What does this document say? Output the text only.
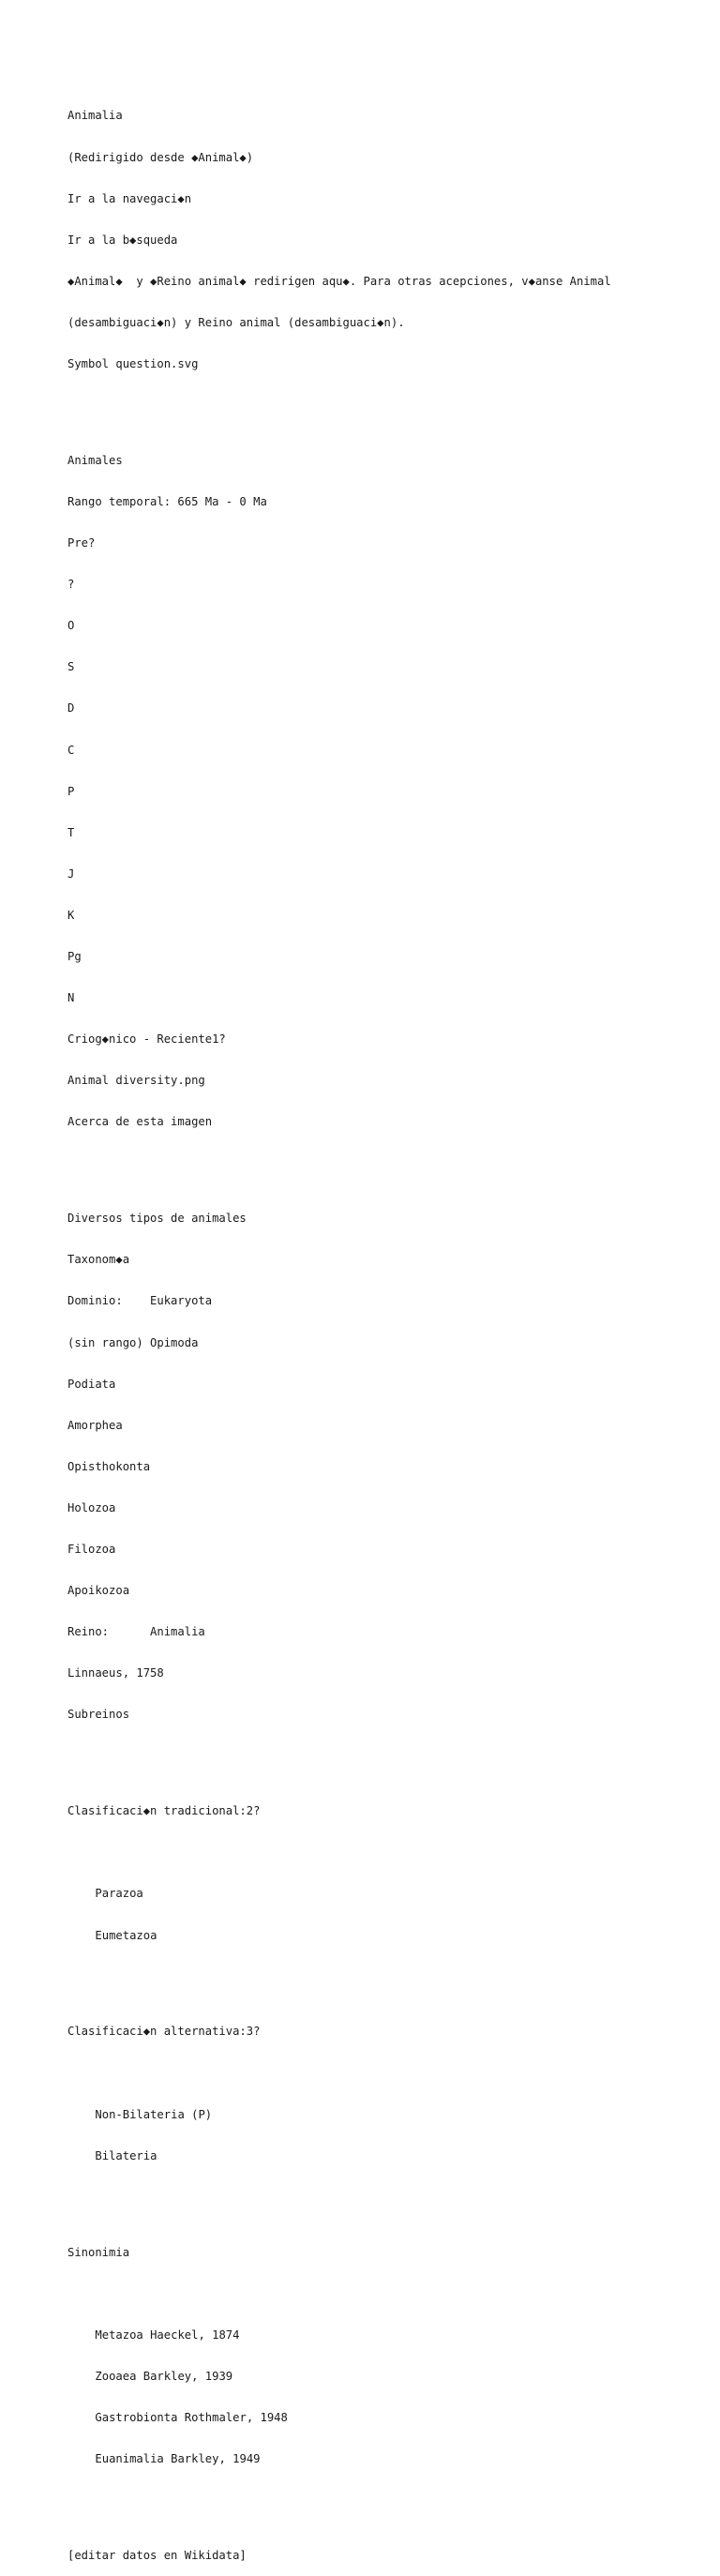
Animalia

(Redirigido desde ◆Animal◆)

Ir a la navegaci◆n

Ir a la b◆squeda

◆Animal◆  y ◆Reino animal◆ redirigen aqu◆. Para otras acepciones, v◆anse Animal

(desambiguaci◆n) y Reino animal (desambiguaci◆n).

Symbol question.svg

Animales

Rango temporal: 665 Ma - 0 Ma

Pre?

?

O

S

D

C

P

T

J

K

Pg

N

Criog◆nico - Reciente1?

Animal diversity.png

Acerca de esta imagen

Diversos tipos de animales

Taxonom◆a

Dominio:    Eukaryota

(sin rango) Opimoda

Podiata

Amorphea

Opisthokonta

Holozoa

Filozoa

Apoikozoa

Reino:      Animalia

Linnaeus, 1758

Subreinos

Clasificaci◆n tradicional:2?

Parazoa

Eumetazoa

Clasificaci◆n alternativa:3?

Non-Bilateria (P)

Bilateria

Sinonimia

Metazoa Haeckel, 1874

Zooaea Barkley, 1939

Gastrobionta Rothmaler, 1948

Euanimalia Barkley, 1949

[editar datos en Wikidata]
